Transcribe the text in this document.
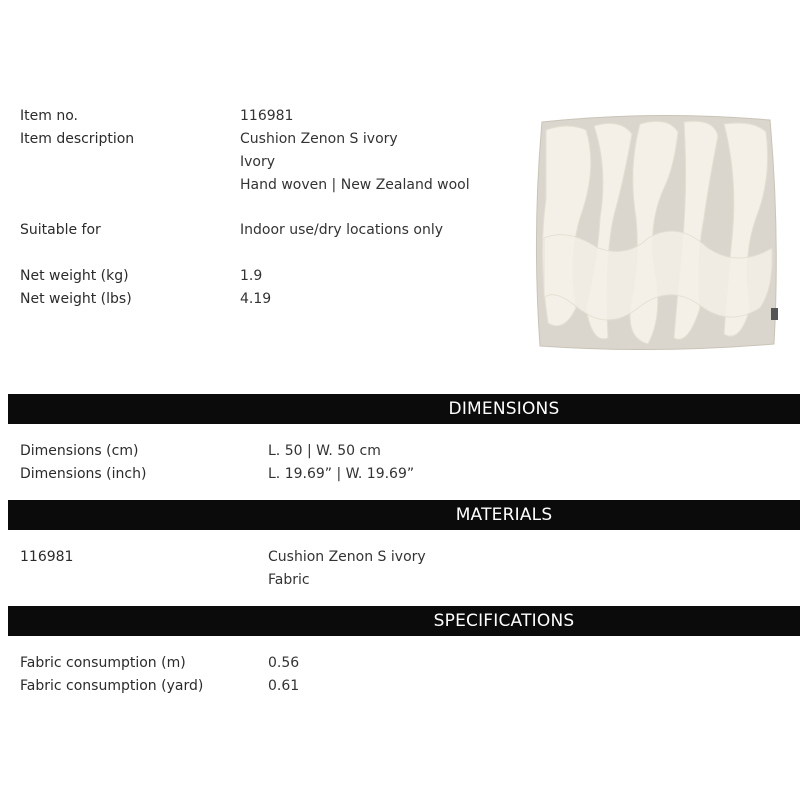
Item no.	116981
Item description	Cushion Zenon S ivory
Ivory
Hand woven | New Zealand wool
Suitable for	Indoor use/dry locations only
Net weight (kg)	1.9
Net weight (lbs)	4.19
DIMENSIONS
Dimensions (cm)	L. 50 | W. 50 cm
Dimensions (inch)	L. 19.69” | W. 19.69”
MATERIALS
116981	Cushion Zenon S ivory
Fabric
SPECIFICATIONS
Fabric consumption (m)	0.56
Fabric consumption (yard)	0.61
